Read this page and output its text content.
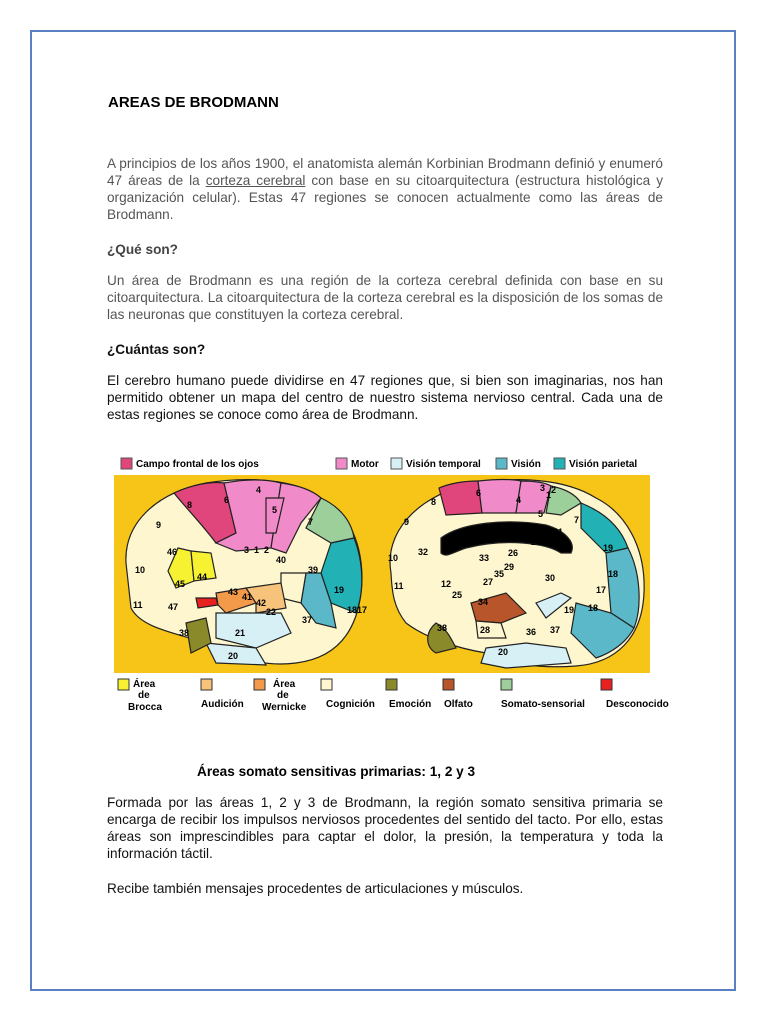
AREAS DE BRODMANN

A principios de los años 1900, el anatomista alemán Korbinian Brodmann definió y enumeró 47 áreas de la corteza cerebral con base en su citoarquitectura (estructura histológica y organización celular). Estas 47 regiones se conocen actualmente como las áreas de Brodmann.

¿Qué son?

Un área de Brodmann es una región de la corteza cerebral definida con base en su citoarquitectura. La citoarquitectura de la corteza cerebral es la disposición de los somas de las neuronas que constituyen la corteza cerebral.

¿Cuántas son?

El cerebro humano puede dividirse en 47 regiones que, si bien son imaginarias, nos han permitido obtener un mapa del centro de nuestro sistema nervioso central. Cada una de estas regiones se conoce como área de Brodmann.

Campo frontal de los ojos	Motor	Visión temporal	Visión	Visión parietal
8	6
4
9
5
7
46	3 1 2
40
10
45
44
39
43 41
42
22
19
18 17
11	47
37
38	21
20
8
6
4
3
1 2
5
9
24
23
31
7
19
18
17
32
33 26
29
10
30
12
35
27
25
11
34
28
19 18
38	36 37
20
Área
de
Brocca	Audición
Área
de
Wernicke Cognición Emoción Olfato	Somato-sensorial Desconocido
Áreas somato sensitivas primarias: 1, 2 y 3

Formada por las áreas 1, 2 y 3 de Brodmann, la región somato sensitiva primaria se encarga de recibir los impulsos nerviosos procedentes del sentido del tacto. Por ello, estas áreas son imprescindibles para captar el dolor, la presión, la temperatura y toda la información táctil.

Recibe también mensajes procedentes de articulaciones y músculos.
